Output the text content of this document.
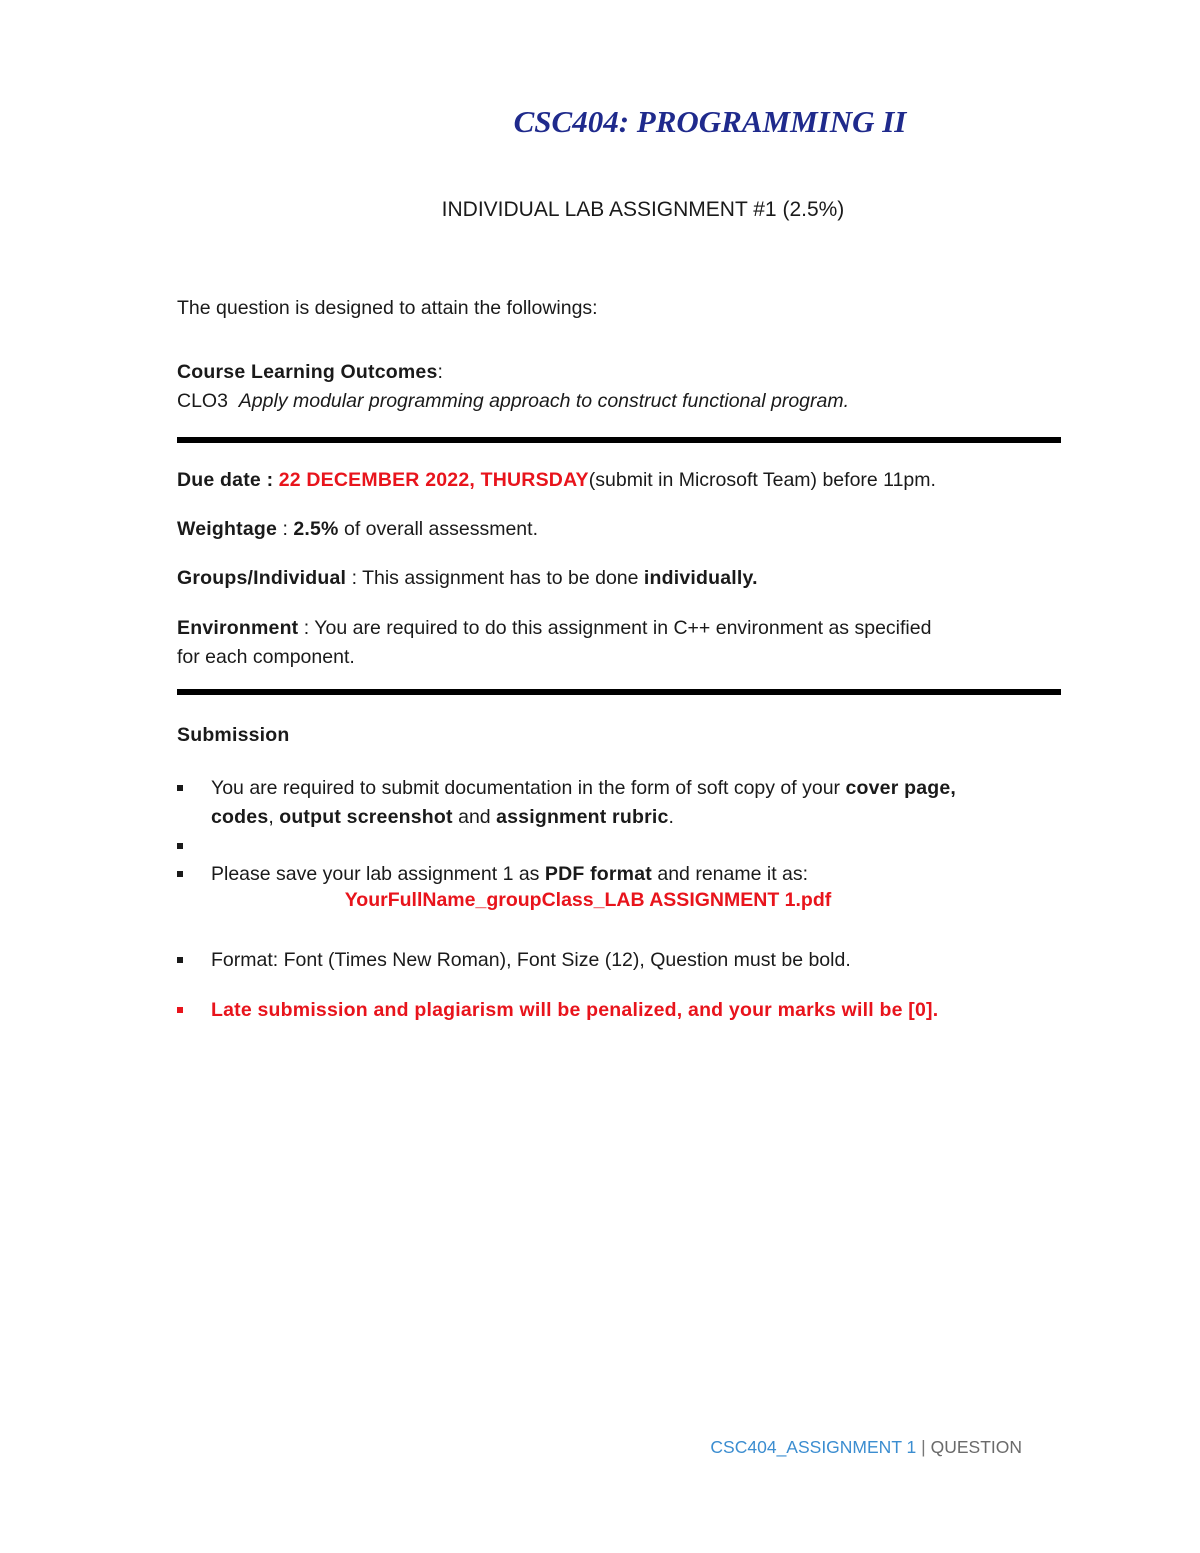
CSC404: PROGRAMMING II
INDIVIDUAL LAB ASSIGNMENT #1 (2.5%)
The question is designed to attain the followings:
Course Learning Outcomes:
CLO3 Apply modular programming approach to construct functional program.
Due date : 22 DECEMBER 2022, THURSDAY(submit in Microsoft Team) before 11pm.
Weightage : 2.5% of overall assessment.
Groups/Individual : This assignment has to be done individually.
Environment : You are required to do this assignment in C++ environment as specified
for each component.
Submission
You are required to submit documentation in the form of soft copy of your cover page,
codes, output screenshot and assignment rubric.
Please save your lab assignment 1 as PDF format and rename it as:
YourFullName_groupClass_LAB ASSIGNMENT 1.pdf
Format: Font (Times New Roman), Font Size (12), Question must be bold.
Late submission and plagiarism will be penalized, and your marks will be [0].
CSC404_ASSIGNMENT 1 | QUESTION
